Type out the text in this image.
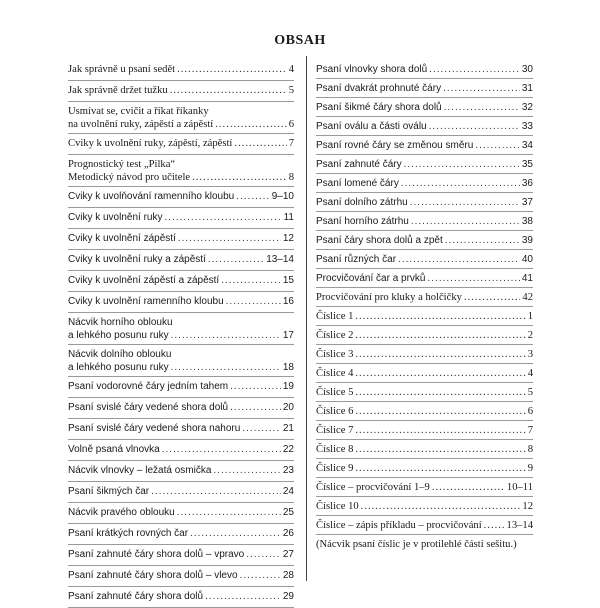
OBSAH
Jak správně u psaní sedět .....	4
Jak správně držet tužku .....	5
Usmívat se, cvičit a říkat říkanky
na uvolnění ruky, zápěstí a zápěstí .....	6
Cviky k uvolnění ruky, zápěstí, zápěstí .....	7
Prognostický test „Pilka“
Metodický návod pro učitele .....	8
Cviky k uvolňování ramenního kloubu .....	9–10
Cviky k uvolnění ruky .....	11
Cviky k uvolnění zápěstí .....	12
Cviky k uvolnění ruky a zápěstí .....	13–14
Cviky k uvolnění zápěstí a zápěstí .....	15
Cviky k uvolnění ramenního kloubu .....	16
Nácvik horního oblouku
a lehkého posunu ruky .....	17
Nácvik dolního oblouku
a lehkého posunu ruky .....	18
Psaní vodorovné čáry jedním tahem .....	19
Psaní svislé čáry vedené shora dolů .....	20
Psaní svislé čáry vedené shora nahoru .....	21
Volně psaná vlnovka .....	22
Nácvik vlnovky – ležatá osmička .....	23
Psaní šikmých čar .....	24
Nácvik pravého oblouku .....	25
Psaní krátkých rovných čar .....	26
Psaní zahnuté čáry shora dolů – vpravo .....	27
Psaní zahnuté čáry shora dolů – vlevo .....	28
Psaní zahnuté čáry shora dolů .....	29
Psaní vlnovky shora dolů .....	30
Psaní dvakrát prohnuté čáry .....	31
Psaní šikmé čáry shora dolů .....	32
Psaní oválu a části oválu .....	33
Psaní rovné čáry se změnou směru .....	34
Psaní zahnuté čáry .....	35
Psaní lomené čáry .....	36
Psaní dolního zátrhu .....	37
Psaní horního zátrhu .....	38
Psaní čáry shora dolů a zpět .....	39
Psaní různých čar .....	40
Procvičování čar a prvků .....	41
Procvičování pro kluky a holčičky .....	42
Číslice 1 .....	1
Číslice 2 .....	2
Číslice 3 .....	3
Číslice 4 .....	4
Číslice 5 .....	5
Číslice 6 .....	6
Číslice 7 .....	7
Číslice 8 .....	8
Číslice 9 .....	9
Číslice – procvičování 1–9 .....	10–11
Číslice 10 .....	12
Číslice – zápis příkladu – procvičování ..... 13–14
(Nácvik psaní číslic je v protilehlé části sešitu.)
